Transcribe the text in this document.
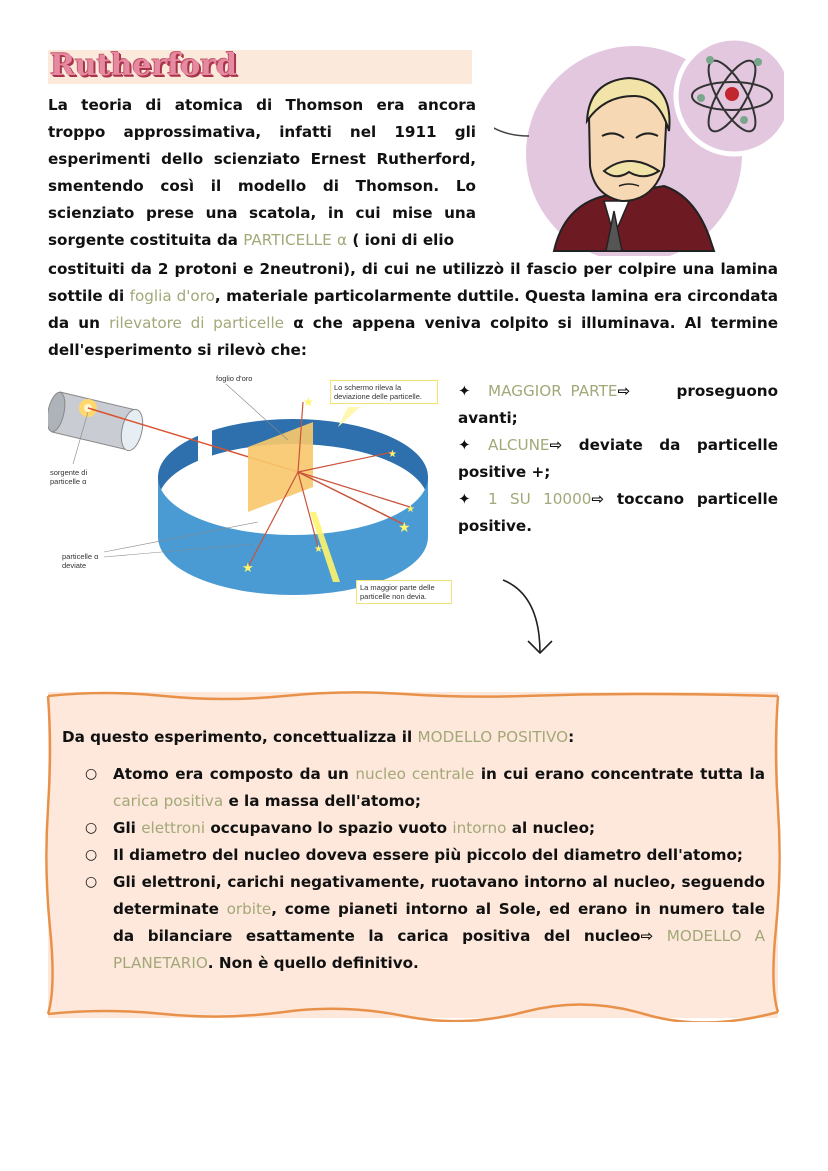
Rutherford
La teoria di atomica di Thomson era ancora troppo approssimativa, infatti nel 1911 gli esperimenti dello scienziato Ernest Rutherford, smentendo così il modello di Thomson. Lo scienziato prese una scatola, in cui mise una sorgente costituita da PARTICELLE α ( ioni di elio
costituiti da 2 protoni e 2neutroni), di cui ne utilizzò il fascio per colpire una lamina sottile di foglia d'oro, materiale particolarmente duttile. Questa lamina era circondata da un rilevatore di particelle α che appena veniva colpito si illuminava. Al termine dell'esperimento si rilevò che:
★
★
★
★
★
★
foglio d'oro
sorgente di particelle α
particelle α deviate
Lo schermo rileva la deviazione delle particelle.
La maggior parte delle particelle non devia.
✦ MAGGIOR PARTE⇨	proseguono avanti;
✦ ALCUNE⇨ deviate da particelle positive +;
✦ 1 SU 10000⇨ toccano particelle positive.
Da questo esperimento, concettualizza il MODELLO POSITIVO:
○ Atomo era composto da un nucleo centrale in cui erano concentrate tutta la carica positiva e la massa dell'atomo;
○ Gli elettroni occupavano lo spazio vuoto intorno al nucleo;
○ Il diametro del nucleo doveva essere più piccolo del diametro dell'atomo;
○ Gli elettroni, carichi negativamente, ruotavano intorno al nucleo, seguendo determinate orbite, come pianeti intorno al Sole, ed erano in numero tale da bilanciare esattamente la carica positiva del nucleo⇨ MODELLO A PLANETARIO. Non è quello definitivo.
